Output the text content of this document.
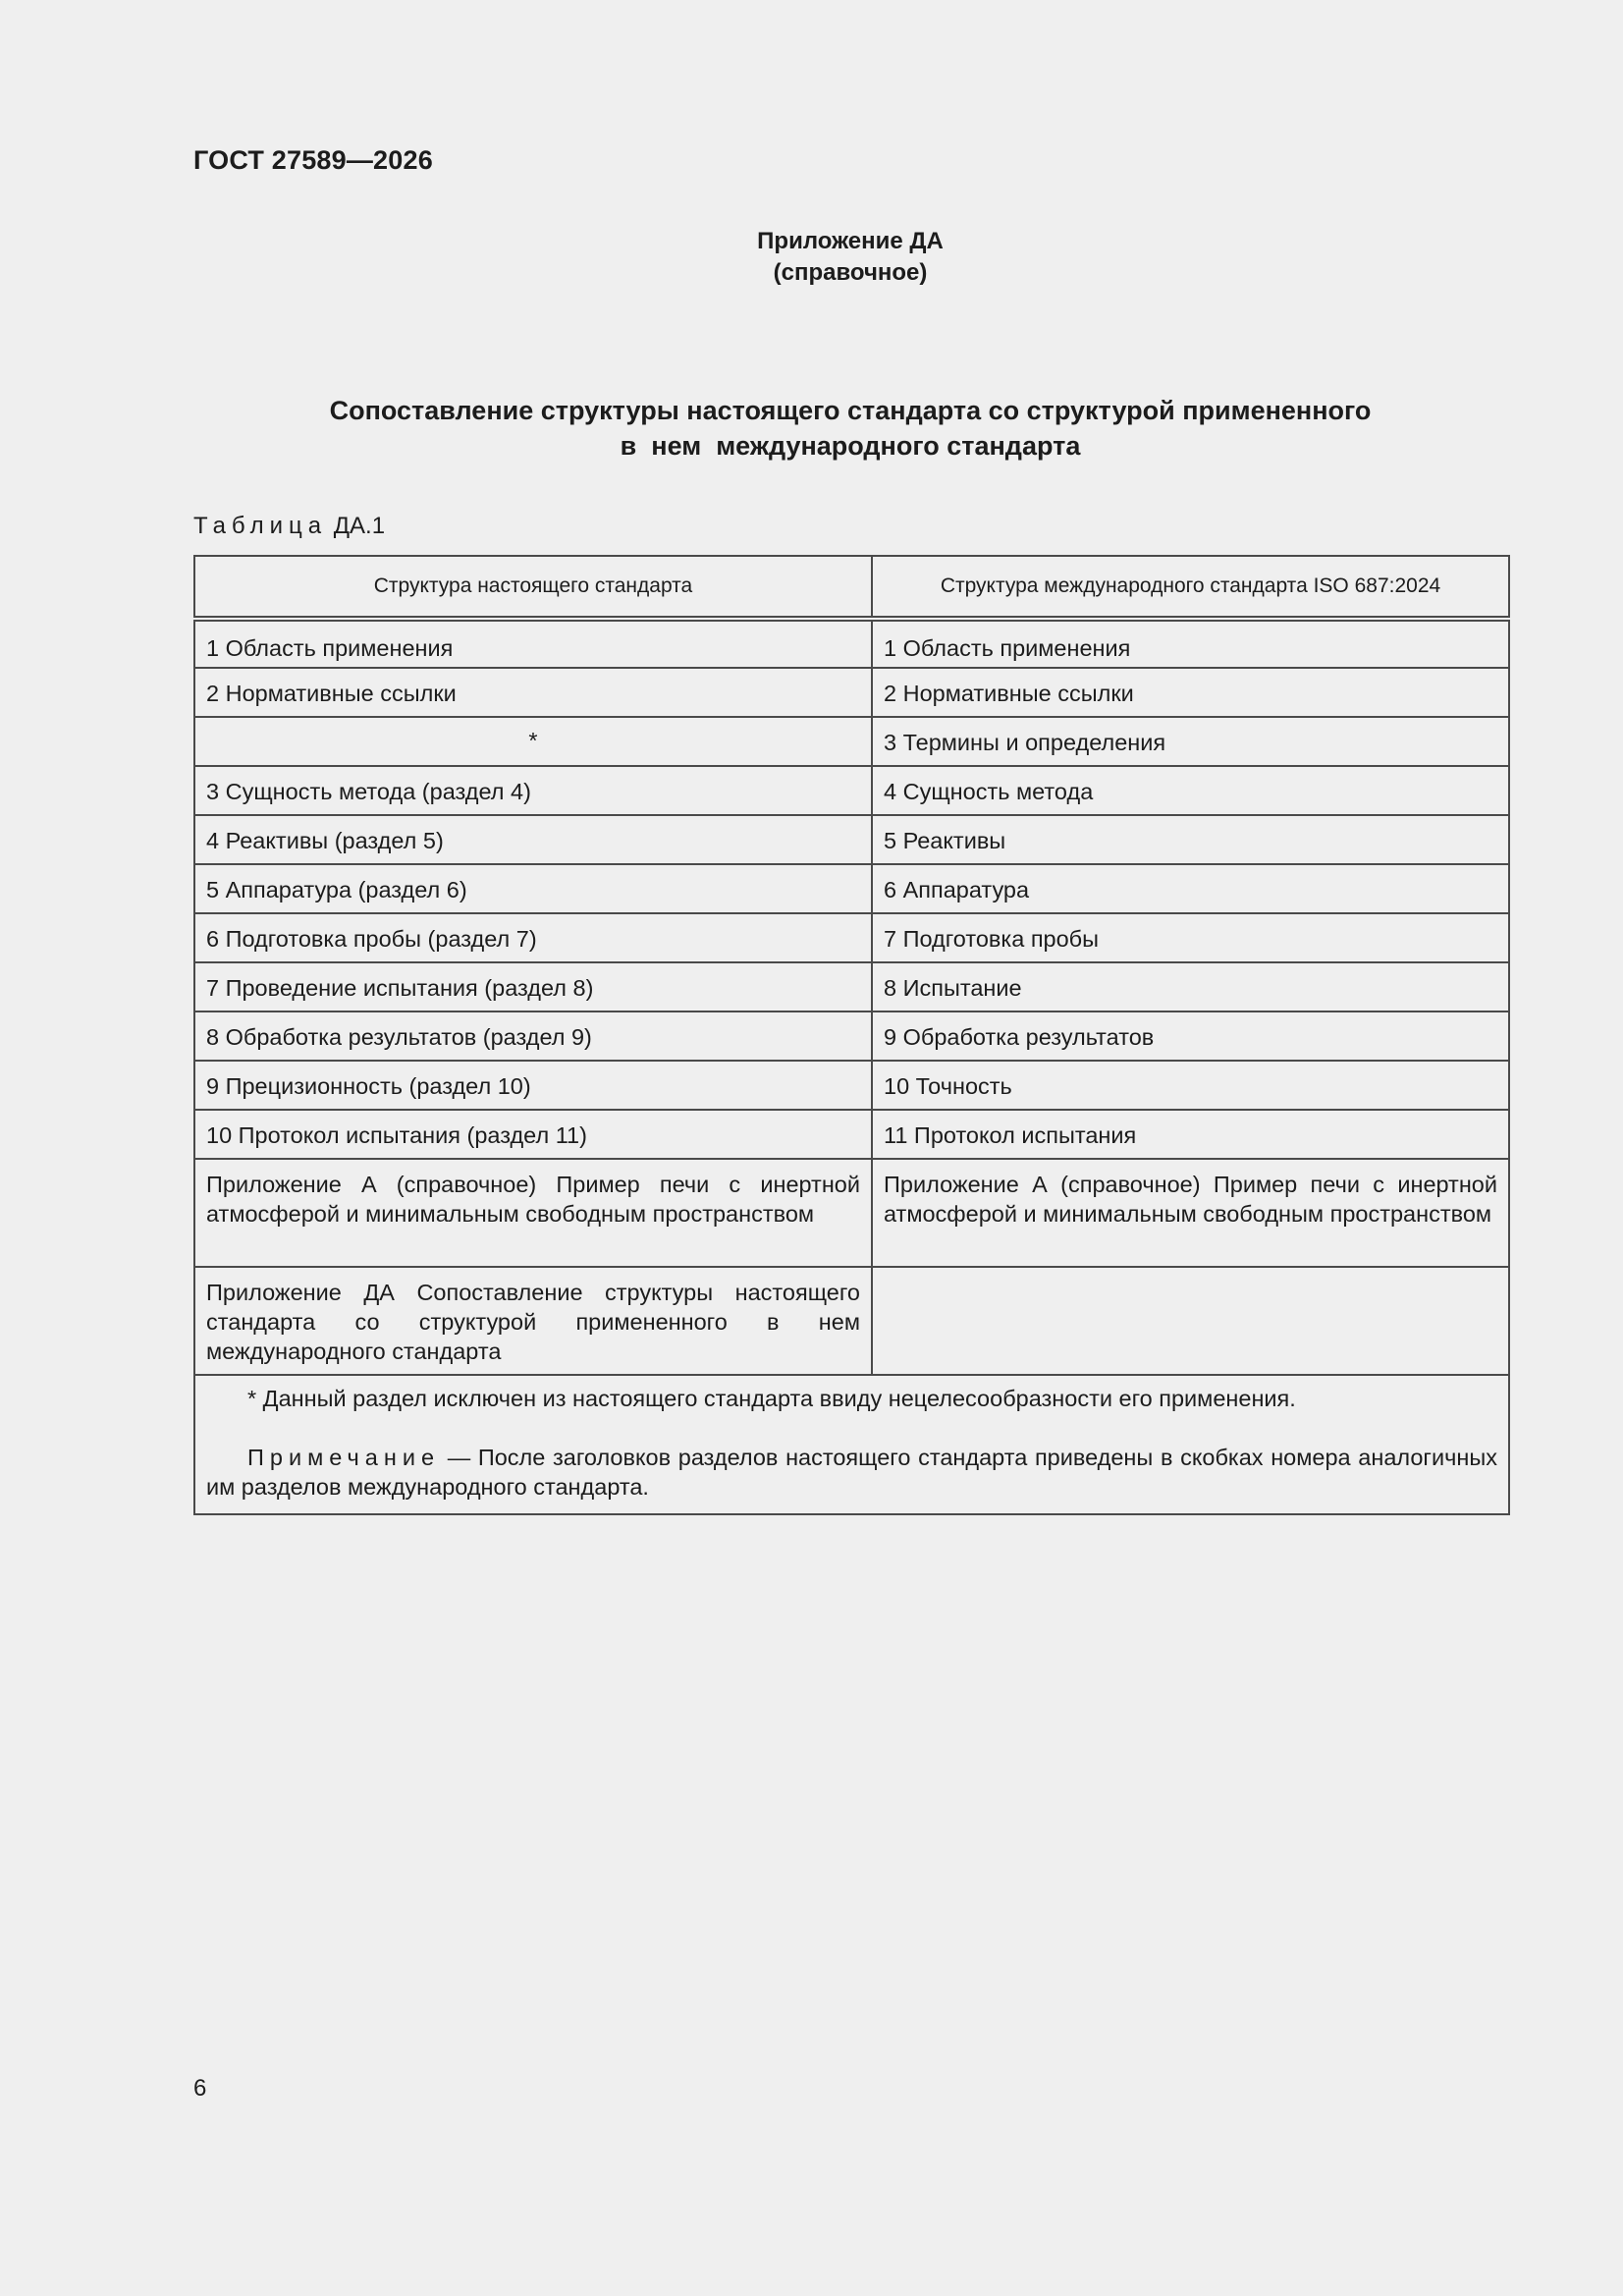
ГОСТ 27589—2026
Приложение ДА
(справочное)
Сопоставление структуры настоящего стандарта со структурой примененного
в  нем  международного стандарта
Таблица ДА.1
Структура настоящего стандарта	Структура международного стандарта ISO 687:2024
1 Область применения	1 Область применения
2 Нормативные ссылки	2 Нормативные ссылки
*	3 Термины и определения
3 Сущность метода (раздел 4)	4 Сущность метода
4 Реактивы (раздел 5)	5 Реактивы
5 Аппаратура (раздел 6)	6 Аппаратура
6 Подготовка пробы (раздел 7)	7 Подготовка пробы
7 Проведение испытания (раздел 8)	8 Испытание
8 Обработка результатов (раздел 9)	9 Обработка результатов
9 Прецизионность (раздел 10)	10 Точность
10 Протокол испытания (раздел 11)	11 Протокол испытания
Приложение А (справочное) Пример печи с инертной атмосферой и минимальным свободным пространством	Приложение А (справочное) Пример печи с инертной атмосферой и минимальным свободным пространством
Приложение ДА Сопоставление структуры настоящего стандарта со структурой примененного в нем международного стандарта	

* Данный раздел исключен из настоящего стандарта ввиду нецелесообразности его применения.
Примечание — После заголовков разделов настоящего стандарта приведены в скобках номера аналогичных им разделов международного стандарта.	
6
